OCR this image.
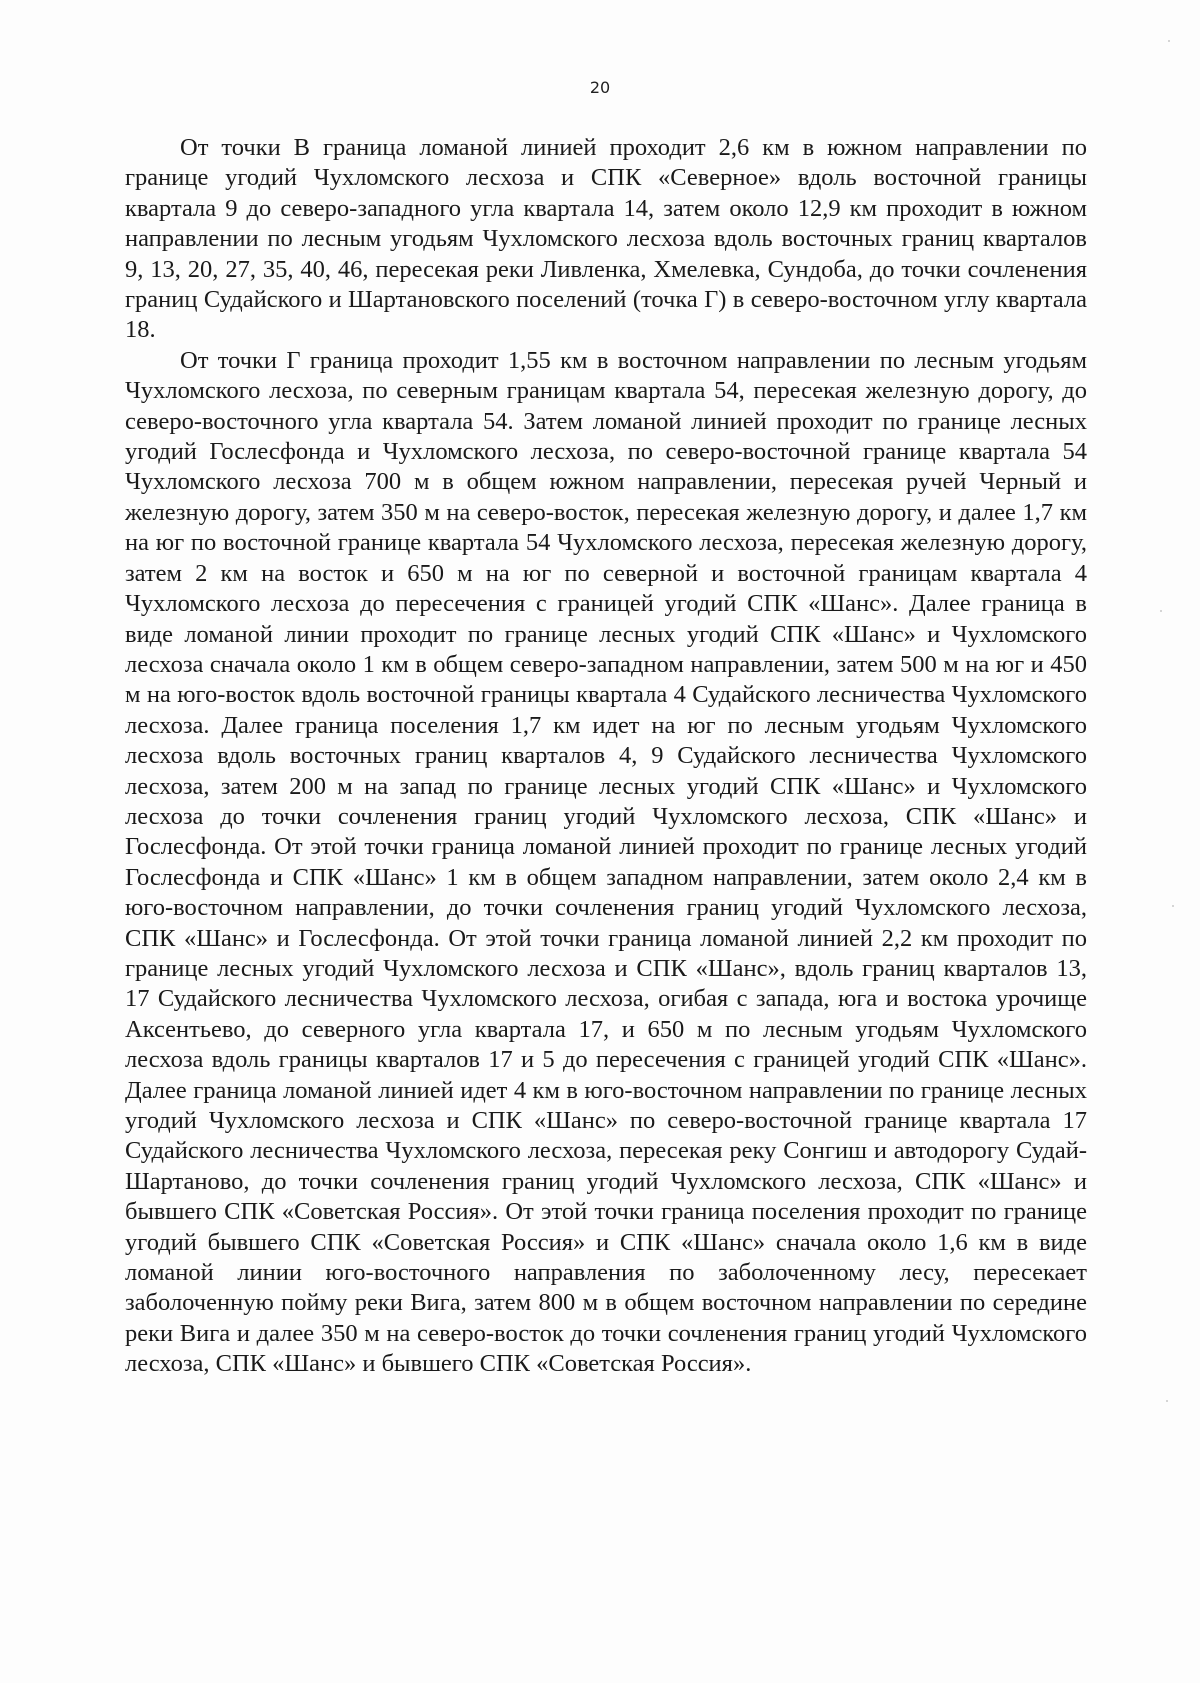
20

От точки В граница ломаной линией проходит 2,6 км в южном направлении по границе угодий Чухломского лесхоза и СПК «Северное» вдоль восточной границы квартала 9 до северо-западного угла квартала 14, затем около 12,9 км проходит в южном направлении по лесным угодьям Чухломского лесхоза вдоль восточных границ кварталов 9, 13, 20, 27, 35, 40, 46, пересекая реки Ливленка, Хмелевка, Сундоба, до точки сочленения границ Судайского и Шартановского поселений (точка Г) в северо-восточном углу квартала 18.

От точки Г граница проходит 1,55 км в восточном направлении по лесным угодьям Чухломского лесхоза, по северным границам квартала 54, пересекая железную дорогу, до северо-восточного угла квартала 54. Затем ломаной линией проходит по границе лесных угодий Гослесфонда и Чухломского лесхоза, по северо-восточной границе квартала 54 Чухломского лесхоза 700 м в общем южном направлении, пересекая ручей Черный и железную дорогу, затем 350 м на северо-восток, пересекая железную дорогу, и далее 1,7 км на юг по восточной границе квартала 54 Чухломского лесхоза, пересекая железную дорогу, затем 2 км на восток и 650 м на юг по северной и восточной границам квартала 4 Чухломского лесхоза до пересечения с границей угодий СПК «Шанс». Далее граница в виде ломаной линии проходит по границе лесных угодий СПК «Шанс» и Чухломского лесхоза сначала около 1 км в общем северо-западном направлении, затем 500 м на юг и 450 м на юго-восток вдоль восточной границы квартала 4 Судайского лесничества Чухломского лесхоза. Далее граница поселения 1,7 км идет на юг по лесным угодьям Чухломского лесхоза вдоль восточных границ кварталов 4, 9 Судайского лесничества Чухломского лесхоза, затем 200 м на запад по границе лесных угодий СПК «Шанс» и Чухломского лесхоза до точки сочленения границ угодий Чухломского лесхоза, СПК «Шанс» и Гослесфонда. От этой точки граница ломаной линией проходит по границе лесных угодий Гослесфонда и СПК «Шанс» 1 км в общем западном направлении, затем около 2,4 км в юго-восточном направлении, до точки сочленения границ угодий Чухломского лесхоза, СПК «Шанс» и Гослесфонда. От этой точки граница ломаной линией 2,2 км проходит по границе лесных угодий Чухломского лесхоза и СПК «Шанс», вдоль границ кварталов 13, 17 Судайского лесничества Чухломского лесхоза, огибая с запада, юга и востока урочище Аксентьево, до северного угла квартала 17, и 650 м по лесным угодьям Чухломского лесхоза вдоль границы кварталов 17 и 5 до пересечения с границей угодий СПК «Шанс». Далее граница ломаной линией идет 4 км в юго-восточном направлении по границе лесных угодий Чухломского лесхоза и СПК «Шанс» по северо-восточной границе квартала 17 Судайского лесничества Чухломского лесхоза, пересекая реку Сонгиш и автодорогу Судай-Шартаново, до точки сочленения границ угодий Чухломского лесхоза, СПК «Шанс» и бывшего СПК «Советская Россия». От этой точки граница поселения проходит по границе угодий бывшего СПК «Советская Россия» и СПК «Шанс» сначала около 1,6 км в виде ломаной линии юго-восточного направления по заболоченному лесу, пересекает заболоченную пойму реки Вига, затем 800 м в общем восточном направлении по середине реки Вига и далее 350 м на северо-восток до точки сочленения границ угодий Чухломского лесхоза, СПК «Шанс» и бывшего СПК «Советская Россия».
